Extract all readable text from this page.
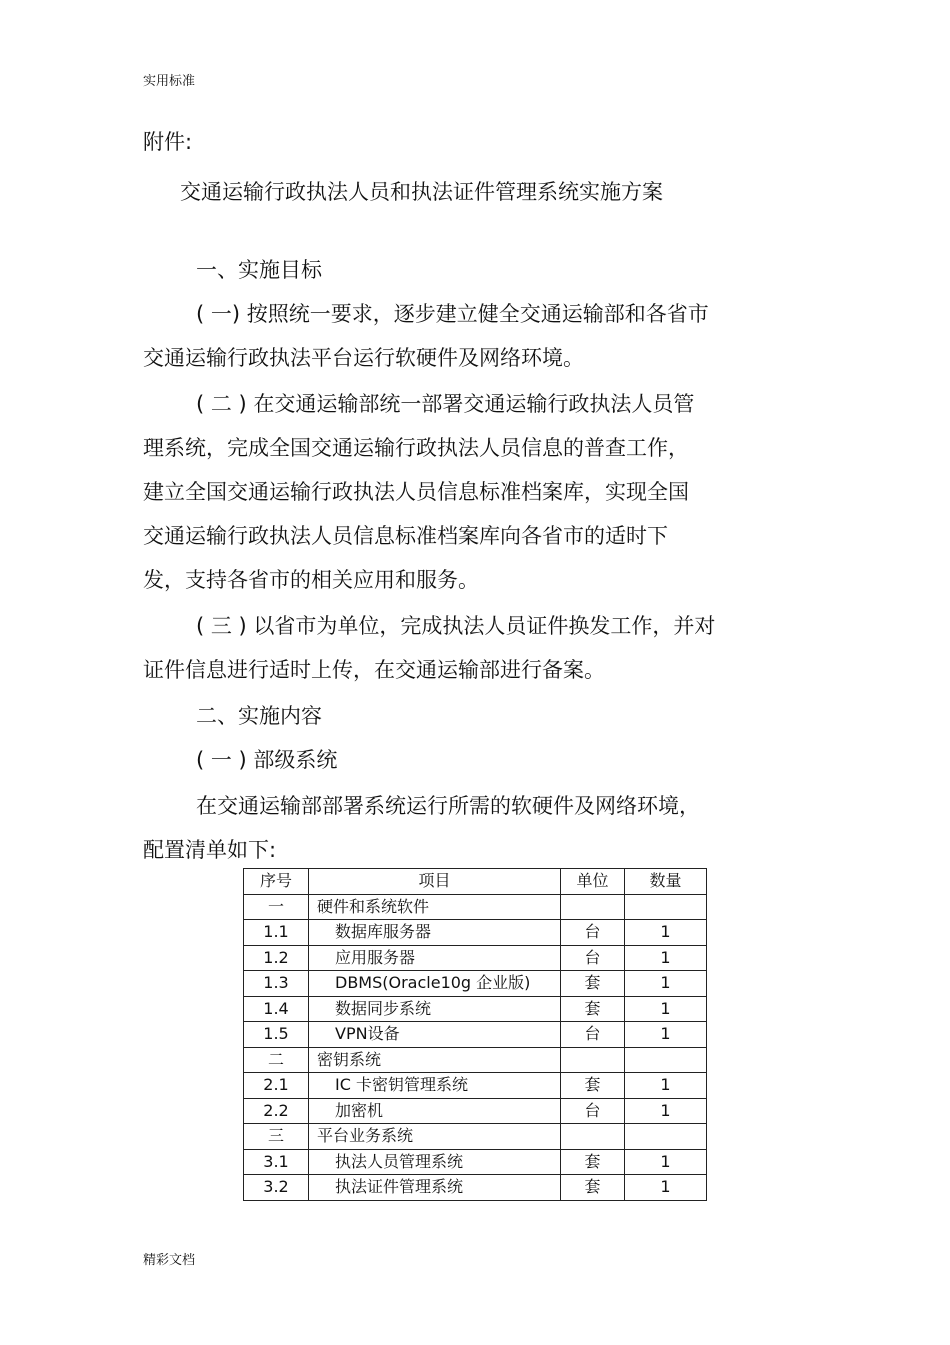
实用标准
附件:
交通运输行政执法人员和执法证件管理系统实施方案
一、实施目标
( 一) 按照统一要求，逐步建立健全交通运输部和各省市
交通运输行政执法平台运行软硬件及网络环境。
( 二 ) 在交通运输部统一部署交通运输行政执法人员管
理系统，完成全国交通运输行政执法人员信息的普查工作，
建立全国交通运输行政执法人员信息标准档案库，实现全国
交通运输行政执法人员信息标准档案库向各省市的适时下
发，支持各省市的相关应用和服务。
( 三 ) 以省市为单位，完成执法人员证件换发工作，并对
证件信息进行适时上传，在交通运输部进行备案。
二、实施内容
( 一 ) 部级系统
在交通运输部部署系统运行所需的软硬件及网络环境，
配置清单如下:
序号	项目	单位	数量
一	硬件和系统软件		
1.1	数据库服务器	台	1
1.2	应用服务器	台	1
1.3	DBMS(Oracle10g 企业版)	套	1
1.4	数据同步系统	套	1
1.5	VPN设备	台	1
二	密钥系统		
2.1	IC 卡密钥管理系统	套	1
2.2	加密机	台	1
三	平台业务系统		
3.1	执法人员管理系统	套	1
3.2	执法证件管理系统	套	1
精彩文档
